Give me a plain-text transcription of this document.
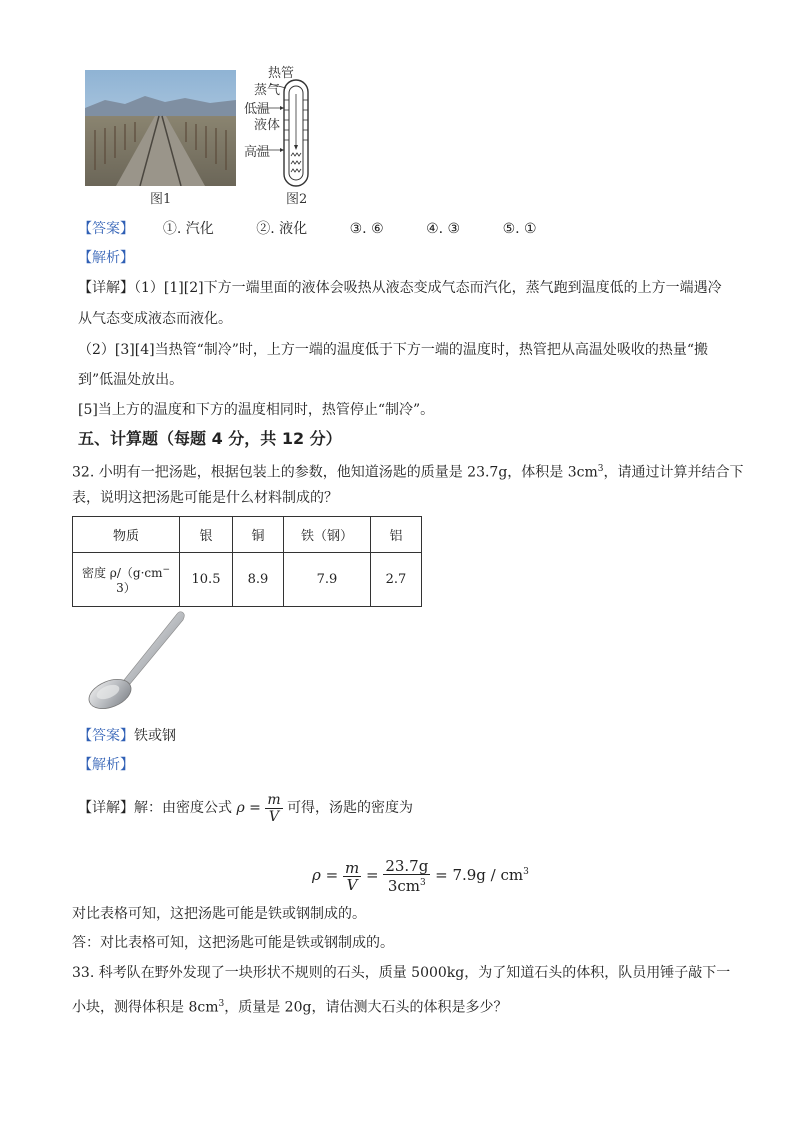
图1
热管
蒸气
低温
液体
高温
图2
【答案】 ①. 汽化	②. 液化	③. ⑥	④. ③	⑤. ①
【解析】
【详解】（1）[1][2]下方一端里面的液体会吸热从液态变成气态而汽化，蒸气跑到温度低的上方一端遇冷
从气态变成液态而液化。
（2）[3][4]当热管“制冷”时，上方一端的温度低于下方一端的温度时，热管把从高温处吸收的热量“搬
到”低温处放出。
[5]当上方的温度和下方的温度相同时，热管停止“制冷”。
五、计算题（每题 4 分，共 12 分）
32. 小明有一把汤匙，根据包装上的参数，他知道汤匙的质量是 23.7g，体积是 $3cm^3$，请通过计算并结合下
表，说明这把汤匙可能是什么材料制成的？
物质	银	铜	铁（钢）	铝
密度 ρ/（g·cm−
3）	10.5	8.9	7.9	2.7
【答案】铁或钢
【解析】
【详解】解：由密度公式 $\rho = \frac{m}{V}$ 可得，汤匙的密度为
$\rho = \frac{m}{V} = \frac{23.7g}{3cm^3} = 7.9g / cm^3$
对比表格可知，这把汤匙可能是铁或钢制成的。
答：对比表格可知，这把汤匙可能是铁或钢制成的。
33. 科考队在野外发现了一块形状不规则的石头，质量 5000kg，为了知道石头的体积，队员用锤子敲下一
小块，测得体积是 $8cm^3$，质量是 20g，请估测大石头的体积是多少？
